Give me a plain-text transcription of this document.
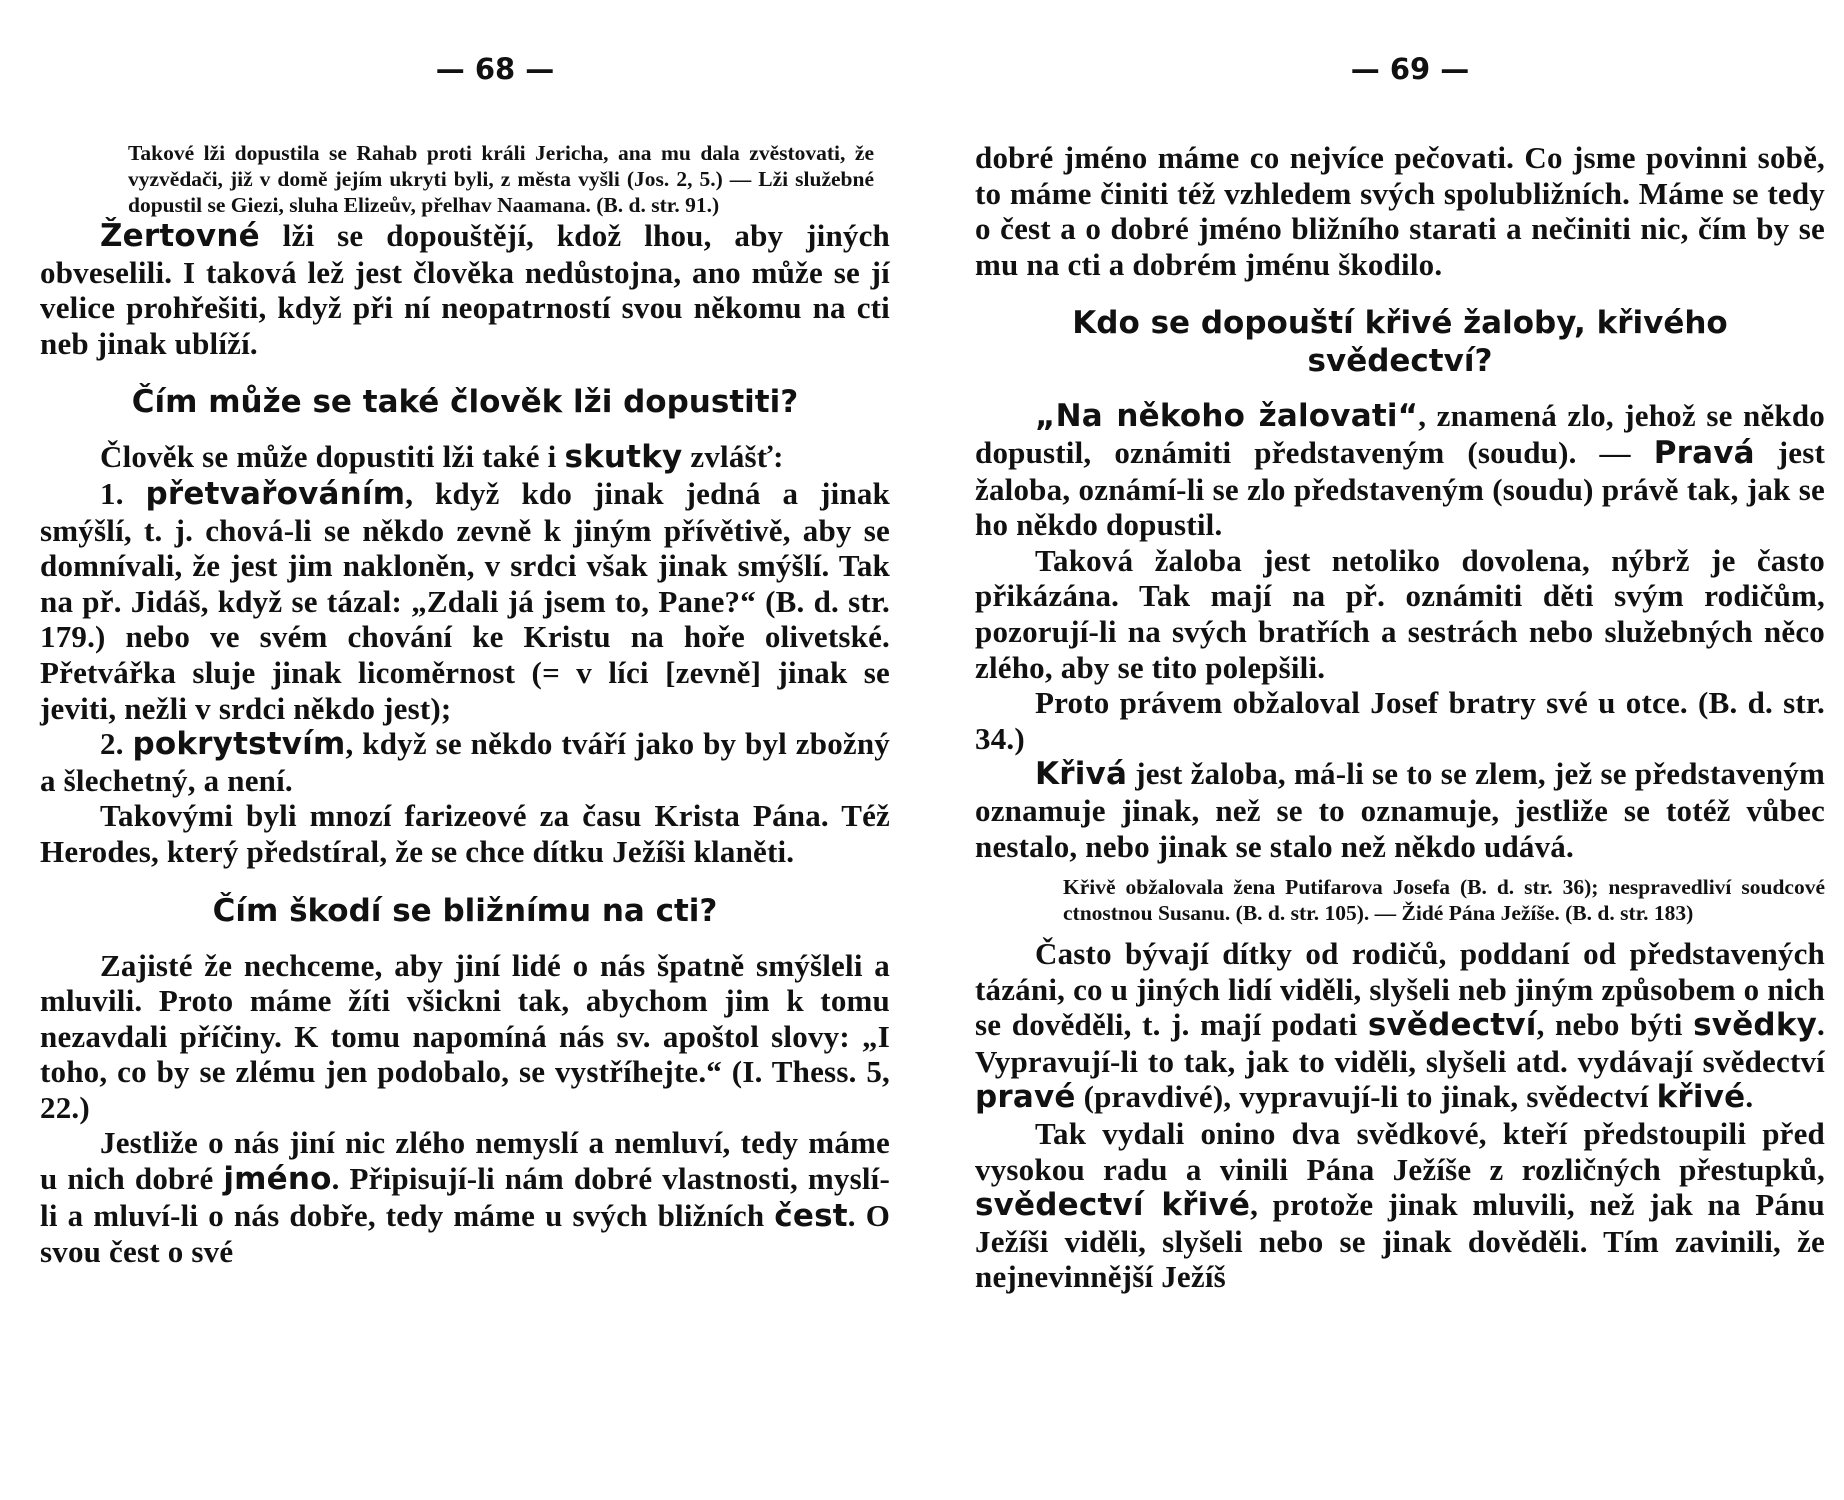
— 68 —

Takové lži dopustila se Rahab proti králi Jericha, ana mu dala zvěstovati, že vyzvědači, již v domě jejím ukryti byli, z města vyšli (Jos. 2, 5.) — Lži služebné dopustil se Giezi, sluha Elizeův, přelhav Naamana. (B. d. str. 91.)

Žertovné lži se dopouštějí, kdož lhou, aby jiných obveselili. I taková lež jest člověka nedůstojna, ano může se jí velice prohřešiti, když při ní neopatrností svou někomu na cti neb jinak ublíží.

Čím může se také člověk lži dopustiti?

Člověk se může dopustiti lži také i skutky zvlášť:

1. přetvařováním, když kdo jinak jedná a jinak smýšlí, t. j. chová-li se někdo zevně k jiným přívětivě, aby se domnívali, že jest jim nakloněn, v srdci však jinak smýšlí. Tak na př. Jidáš, když se tázal: „Zdali já jsem to, Pane?“ (B. d. str. 179.) nebo ve svém chování ke Kristu na hoře olivetské. Přetvářka sluje jinak licoměrnost (= v líci [zevně] jinak se jeviti, nežli v srdci někdo jest);

2. pokrytstvím, když se někdo tváří jako by byl zbožný a šlechetný, a není.

Takovými byli mnozí farizeové za času Krista Pána. Též Herodes, který předstíral, že se chce dítku Ježíši klaněti.

Čím škodí se bližnímu na cti?

Zajisté že nechceme, aby jiní lidé o nás špatně smýšleli a mluvili. Proto máme žíti všickni tak, abychom jim k tomu nezavdali příčiny. K tomu napomíná nás sv. apoštol slovy: „I toho, co by se zlému jen podobalo, se vystříhejte.“ (I. Thess. 5, 22.)

Jestliže o nás jiní nic zlého nemyslí a nemluví, tedy máme u nich dobré jméno. Připisují-li nám dobré vlastnosti, myslí-li a mluví-li o nás dobře, tedy máme u svých bližních čest. O svou čest o své

— 69 —

dobré jméno máme co nejvíce pečovati. Co jsme povinni sobě, to máme činiti též vzhledem svých spolubližních. Máme se tedy o čest a o dobré jméno bližního starati a nečiniti nic, čím by se mu na cti a dobrém jménu škodilo.

Kdo se dopouští křivé žaloby, křivého svědectví?

„Na někoho žalovati“, znamená zlo, jehož se někdo dopustil, oznámiti představeným (soudu). — Pravá jest žaloba, oznámí-li se zlo představeným (soudu) právě tak, jak se ho někdo dopustil.

Taková žaloba jest netoliko dovolena, nýbrž je často přikázána. Tak mají na př. oznámiti děti svým rodičům, pozorují-li na svých bratřích a sestrách nebo služebných něco zlého, aby se tito polepšili.

Proto právem obžaloval Josef bratry své u otce. (B. d. str. 34.)

Křivá jest žaloba, má-li se to se zlem, jež se představeným oznamuje jinak, než se to oznamuje, jestliže se totéž vůbec nestalo, nebo jinak se stalo než někdo udává.

Křivě obžalovala žena Putifarova Josefa (B. d. str. 36); nespravedliví soudcové ctnostnou Susanu. (B. d. str. 105). — Židé Pána Ježíše. (B. d. str. 183)

Často bývají dítky od rodičů, poddaní od představených tázáni, co u jiných lidí viděli, slyšeli neb jiným způsobem o nich se dověděli, t. j. mají podati svědectví, nebo býti svědky. Vypravují-li to tak, jak to viděli, slyšeli atd. vydávají svědectví pravé (pravdivé), vypravují-li to jinak, svědectví křivé.

Tak vydali onino dva svědkové, kteří předstoupili před vysokou radu a vinili Pána Ježíše z rozličných přestupků, svědectví křivé, protože jinak mluvili, než jak na Pánu Ježíši viděli, slyšeli nebo se jinak dověděli. Tím zavinili, že nejnevinnější Ježíš
